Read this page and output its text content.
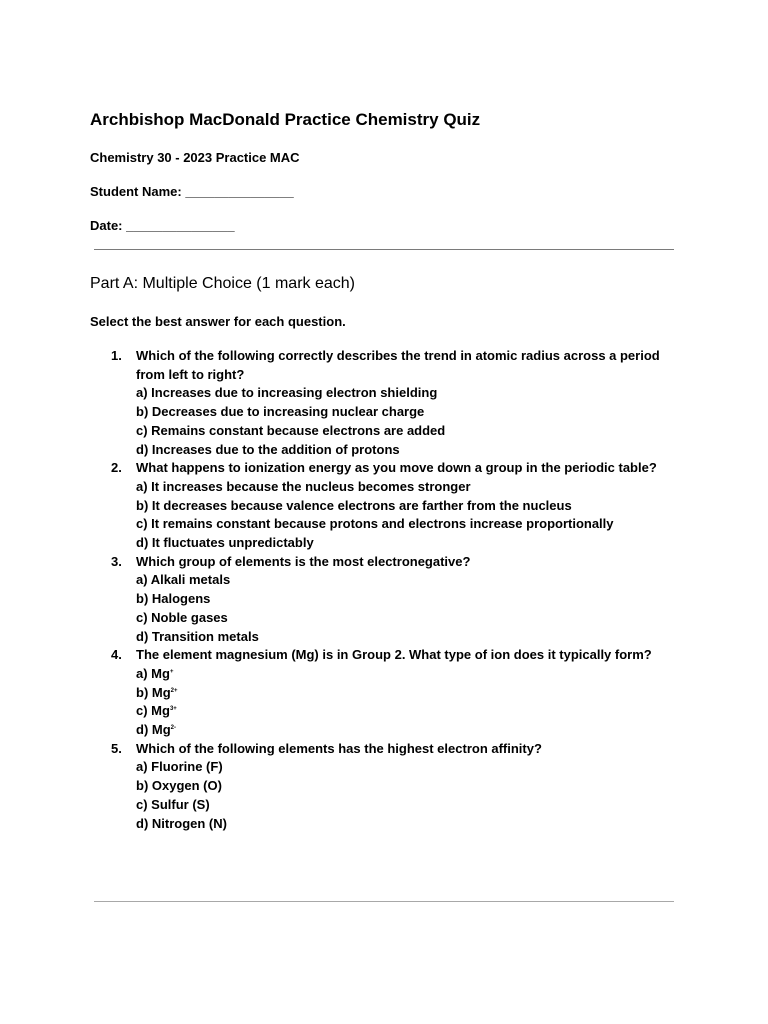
Archbishop MacDonald Practice Chemistry Quiz

Chemistry 30 - 2023 Practice MAC

Student Name: _______________

Date: _______________

Part A: Multiple Choice (1 mark each)

Select the best answer for each question.

1. Which of the following correctly describes the trend in atomic radius across a period from left to right?
a) Increases due to increasing electron shielding
b) Decreases due to increasing nuclear charge
c) Remains constant because electrons are added
d) Increases due to the addition of protons
2. What happens to ionization energy as you move down a group in the periodic table?
a) It increases because the nucleus becomes stronger
b) It decreases because valence electrons are farther from the nucleus
c) It remains constant because protons and electrons increase proportionally
d) It fluctuates unpredictably
3. Which group of elements is the most electronegative?
a) Alkali metals
b) Halogens
c) Noble gases
d) Transition metals
4. The element magnesium (Mg) is in Group 2. What type of ion does it typically form?
a) Mg+
b) $Mg^{2+}$
c) $Mg^{3+}$
d) $Mg^{2-}$
5. Which of the following elements has the highest electron affinity?
a) Fluorine (F)
b) Oxygen (O)
c) Sulfur (S)
d) Nitrogen (N)
